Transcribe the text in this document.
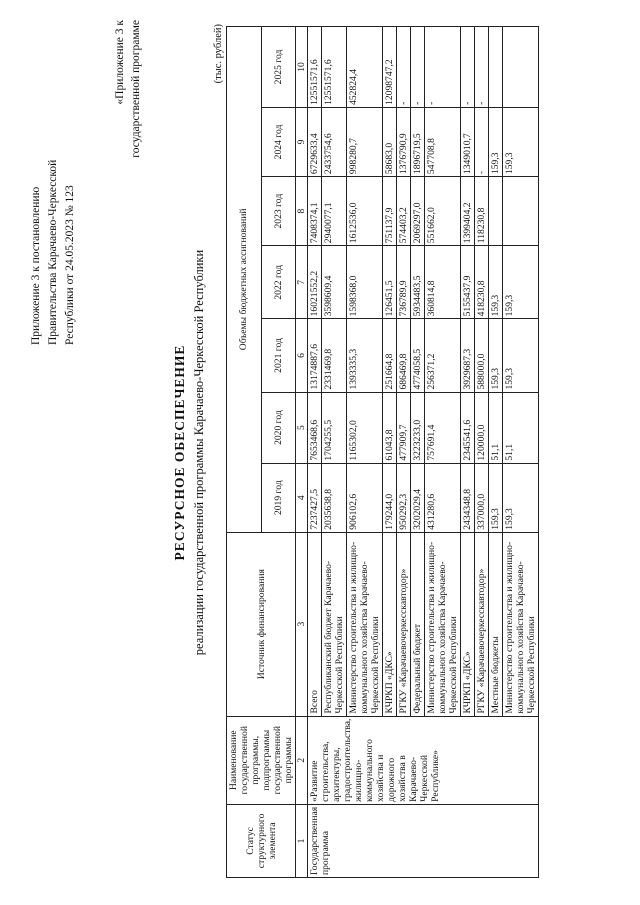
Приложение 3 к постановлению Правительства Карачаево-Черкесской Республики от 24.05.2023 № 123
«Приложение 3 к государственной программе
РЕСУРСНОЕ ОБЕСПЕЧЕНИЕ реализации государственной программы Карачаево-Черкесской Республики
(тыс. рублей)
Статус структурного элемента	Наименование государственной программы, подпрограммы государственной программы	Источник финансирования	Объемы бюджетных ассигнований						
			2019 год	2020 год	2021 год	2022 год	2023 год	2024 год	2025 год
1	2	3	4	5	6	7	8	9	10
Государственная программа	«Развитие строительства, архитектуры, градостроительства, жилищно-коммунального хозяйства и дорожного хозяйства в Карачаево-Черкесской Республике»	Всего	7237427,5	7653468,6	13174887,6	16021552,2	7408374,1	6729633,4	12551571,6
		Республиканский бюджет Карачаево-Черкесской Республики	2035638,8	1704255,5	2331469,8	3598609,4	2940077,1	2433754,6	12551571,6
		Министерство строительства и жилищно-коммунального хозяйства Карачаево-Черкесской Республики	906102,6	1165302,0	1393335,3	1598368,0	1612536,0	998280,7	452824,4
		КЧРКП «ДКС»	179244,0	61043,8	251664,8	126451,5	751137,9	58683,0	12098747,2
		РГКУ «Карачаевочеркесскавтодор»	950292,3	477909,7	686469,8	736789,9	574403,2	1376790,9	-
		Федеральный бюджет	3202029,4	3223233,0	4774058,5	5934483,5	2069297,0	1896719,5	-
		Министерство строительства и жилищно-коммунального хозяйства Карачаево-Черкесской Республики	431280,6	757691,4	256371,2	360814,8	551662,0	547708,8	-
		КЧРКП «ДКС»	2434348,8	2345541,6	3929687,3	5155437,9	1399404,2	1349010,7	-
		РГКУ «Карачаевочеркесскавтодор»	337000,0	120000,0	588000,0	418230,8	118230,8	-	-
		Местные бюджеты	159,3	51,1	159,3	159,3		159,3	
		Министерство строительства и жилищно-коммунального хозяйства Карачаево-Черкесской Республики	159,3	51,1	159,3	159,3		159,3	
